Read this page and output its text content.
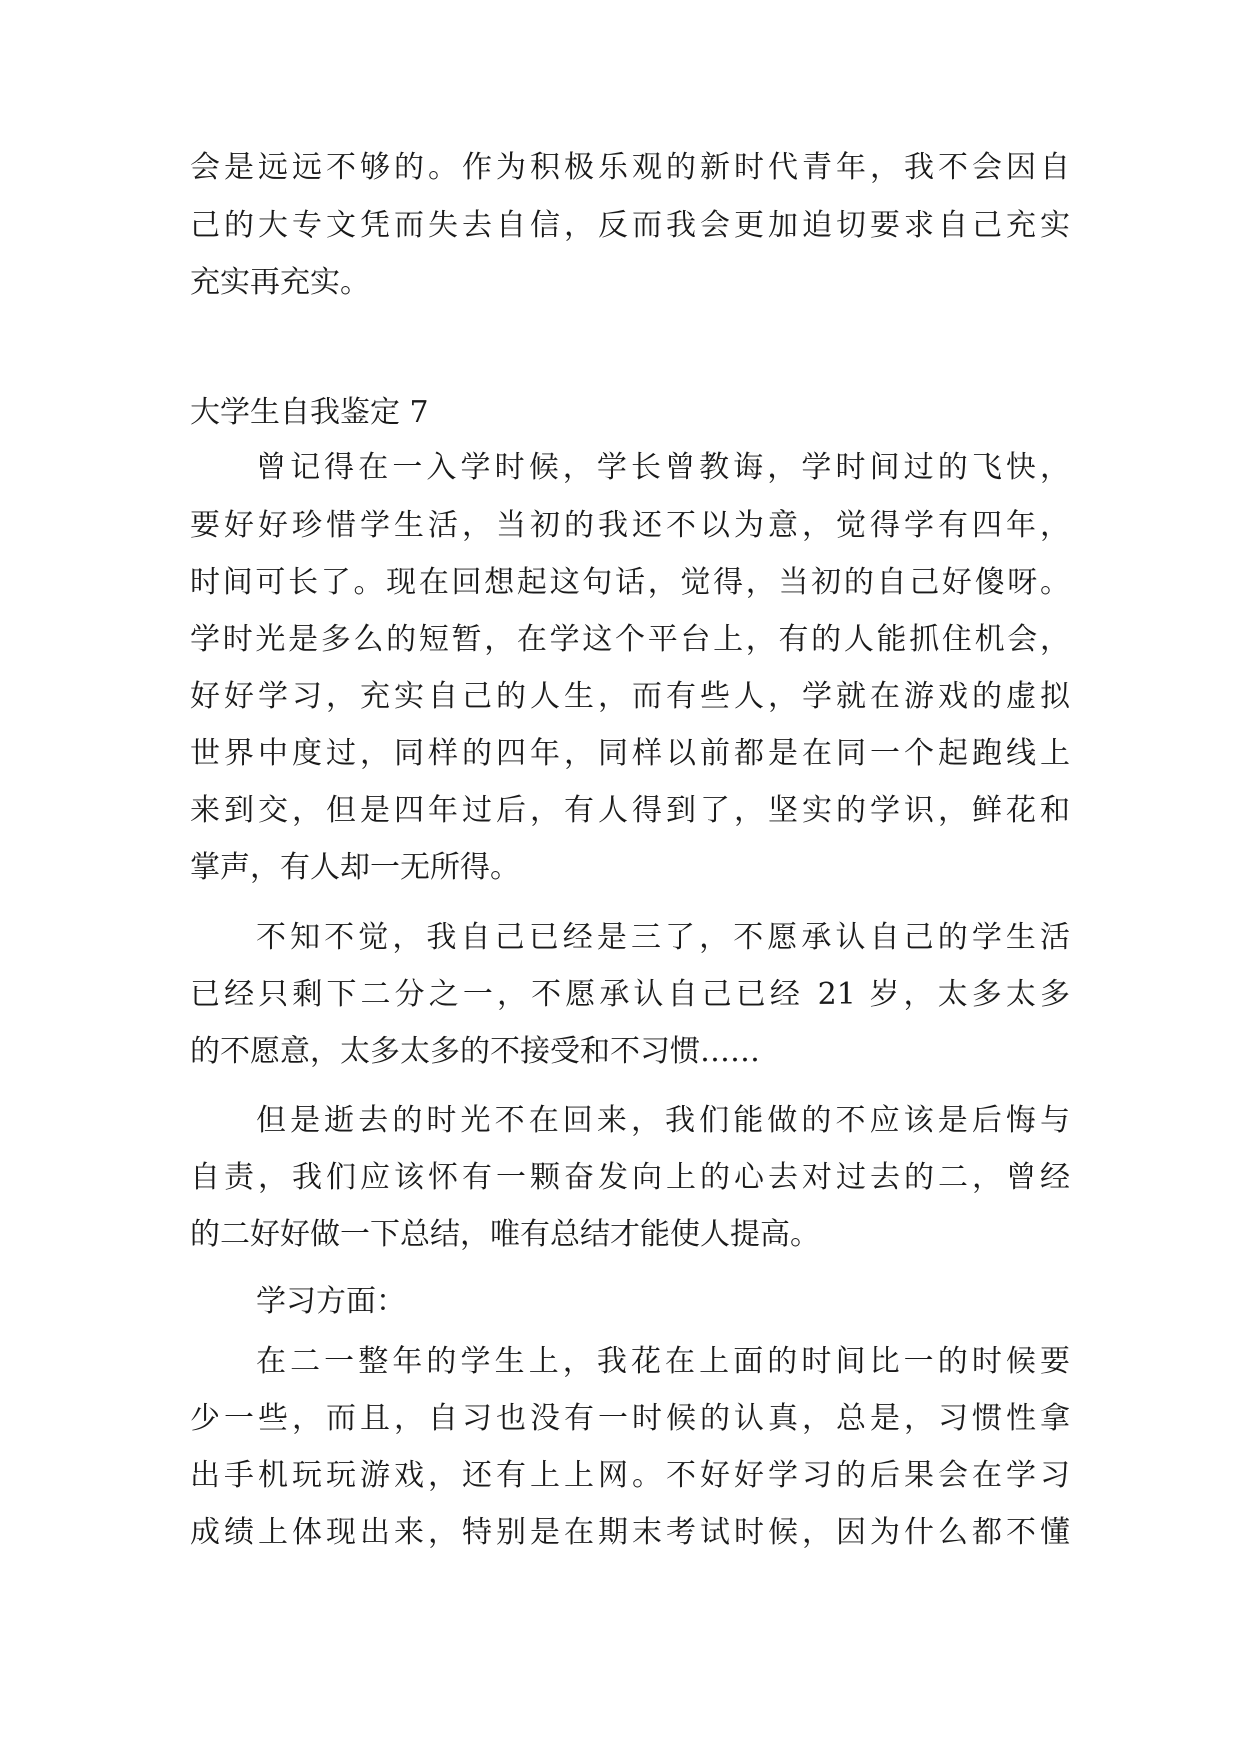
会是远远不够的。作为积极乐观的新时代青年，我不会因自
己的大专文凭而失去自信，反而我会更加迫切要求自己充实
充实再充实。
大学生自我鉴定 7
曾记得在一入学时候，学长曾教诲，学时间过的飞快，
要好好珍惜学生活，当初的我还不以为意，觉得学有四年，
时间可长了。现在回想起这句话，觉得，当初的自己好傻呀。
学时光是多么的短暂，在学这个平台上，有的人能抓住机会，
好好学习，充实自己的人生，而有些人，学就在游戏的虚拟
世界中度过，同样的四年，同样以前都是在同一个起跑线上
来到交，但是四年过后，有人得到了，坚实的学识，鲜花和
掌声，有人却一无所得。
不知不觉，我自己已经是三了，不愿承认自己的学生活
已经只剩下二分之一，不愿承认自己已经 21 岁，太多太多
的不愿意，太多太多的不接受和不习惯……
但是逝去的时光不在回来，我们能做的不应该是后悔与
自责，我们应该怀有一颗奋发向上的心去对过去的二，曾经
的二好好做一下总结，唯有总结才能使人提高。
学习方面：
在二一整年的学生上，我花在上面的时间比一的时候要
少一些，而且，自习也没有一时候的认真，总是，习惯性拿
出手机玩玩游戏，还有上上网。不好好学习的后果会在学习
成绩上体现出来，特别是在期末考试时候，因为什么都不懂
